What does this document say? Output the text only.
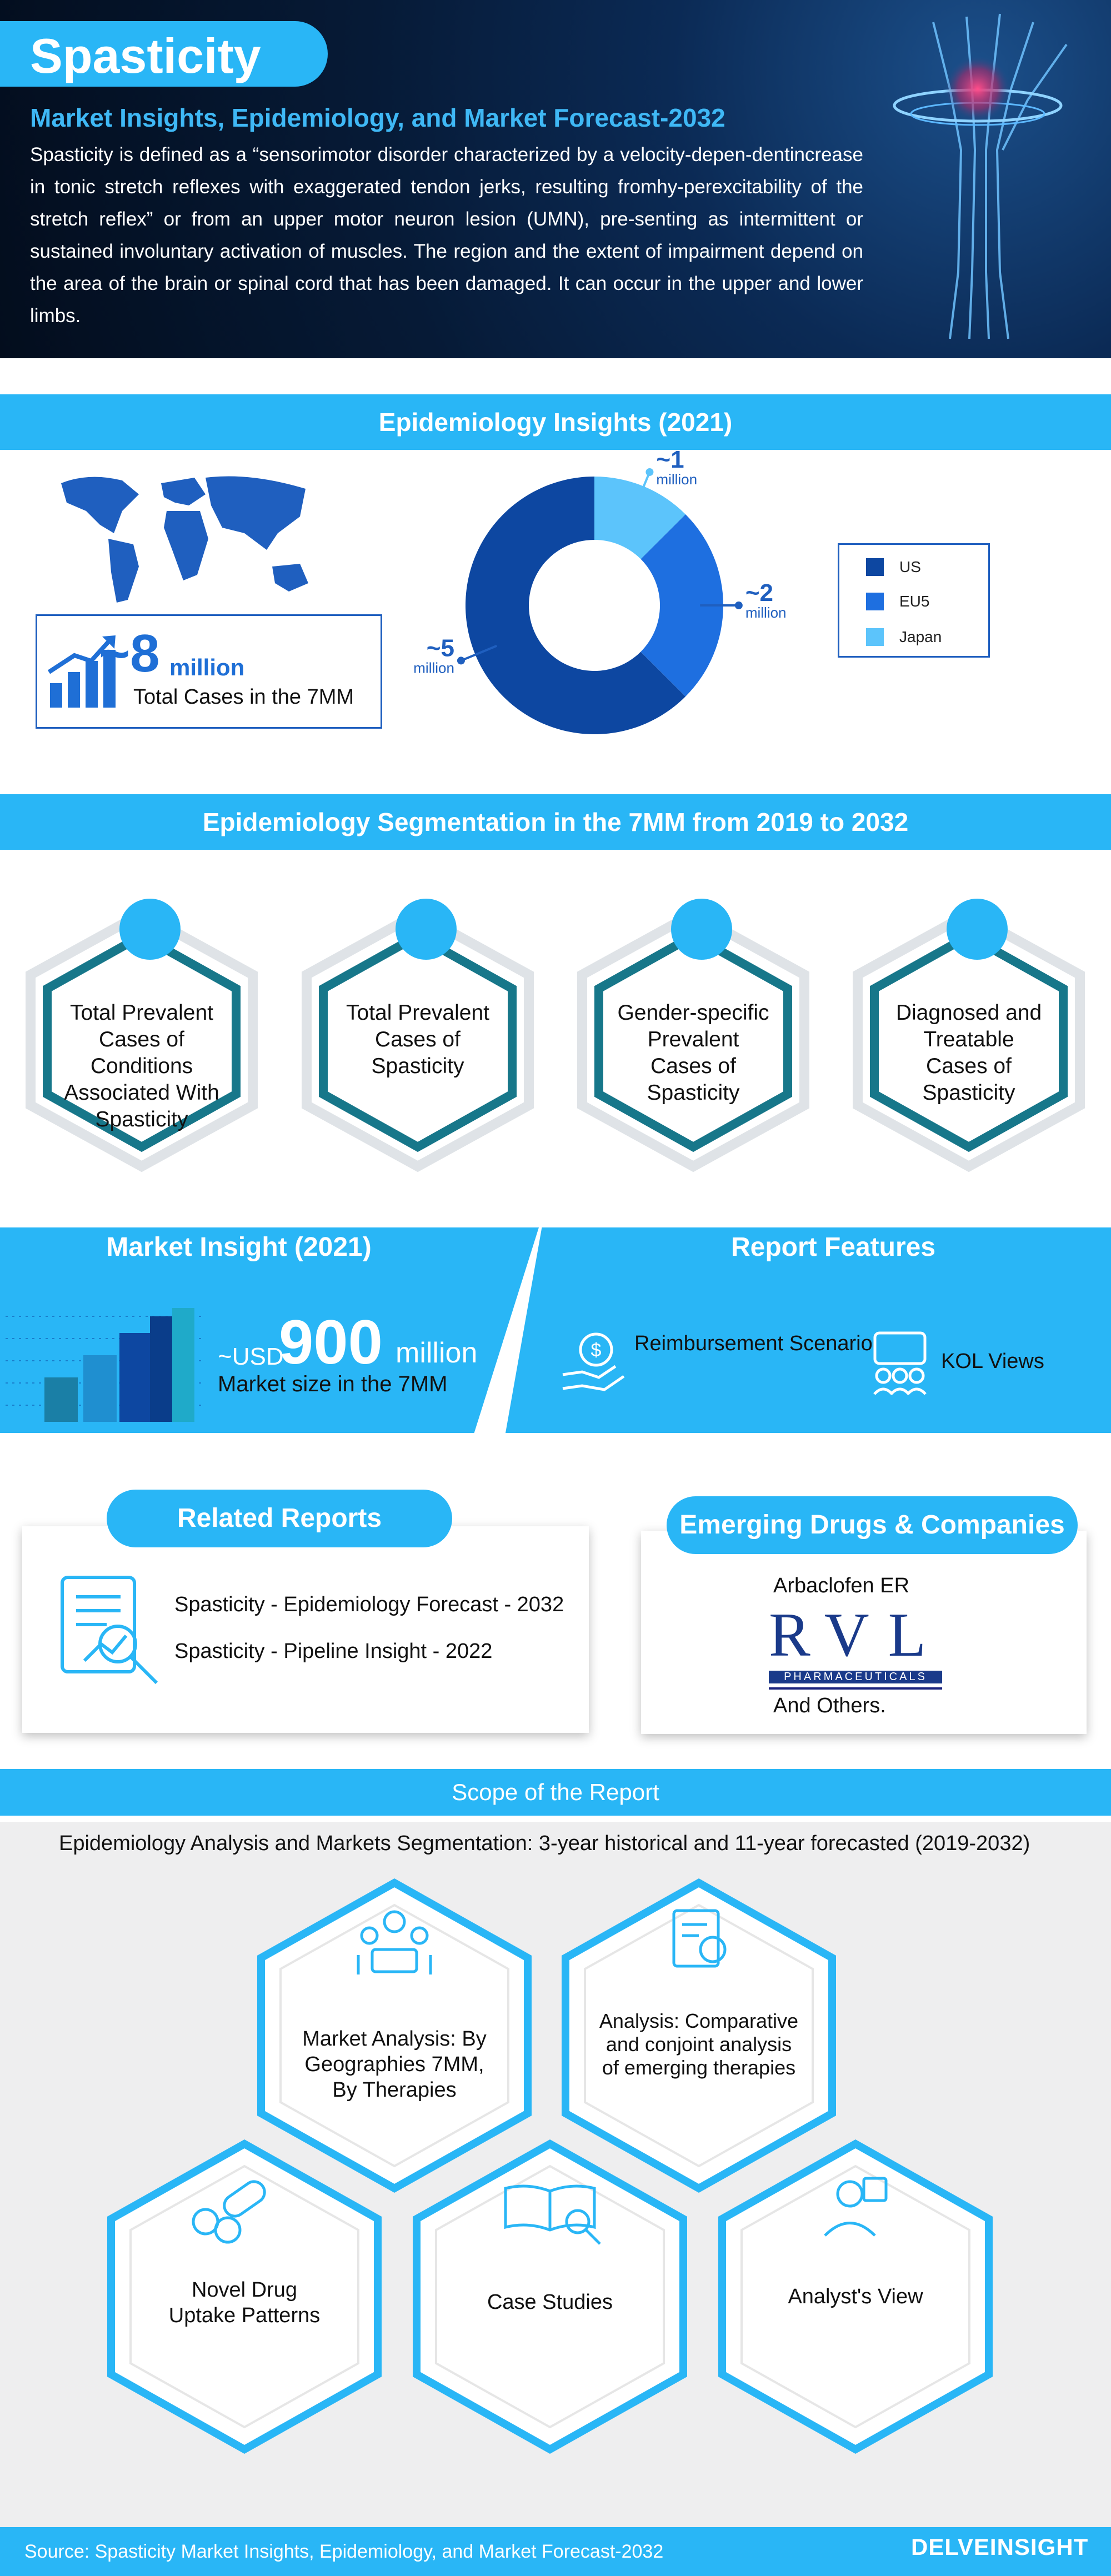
Spasticity
Market Insights, Epidemiology, and Market Forecast-2032
Spasticity is defined as a “sensorimotor disorder characterized by a velocity-depen-dentincrease in tonic stretch reflexes with exaggerated tendon jerks, resulting fromhy-perexcitability of the stretch reflex” or from an upper motor neuron lesion (UMN), pre-senting as intermittent or sustained involuntary activation of muscles. The region and the extent of impairment depend on the area of the brain or spinal cord that has been damaged. It can occur in the upper and lower limbs.
Epidemiology Insights (2021)
~8 million
Total Cases in the 7MM
~5
million
~2
million
~1
million
US
EU5
Japan
Epidemiology Segmentation in the 7MM from 2019 to 2032
Total Prevalent Cases of Conditions Associated With Spasticity
Total Prevalent Cases of Spasticity
Gender-specific Prevalent Cases of Spasticity
Diagnosed and Treatable Cases of Spasticity
Market Insight (2021)	Report Features
~USD
900 million
Market size in the 7MM
$ Reimbursement Scenario
KOL Views
Related Reports
Spasticity - Epidemiology Forecast - 2032
Spasticity - Pipeline Insight - 2022
Emerging Drugs & Companies
Arbaclofen ER
RVL
PHARMACEUTICALS
And Others.
Scope of the Report
Epidemiology Analysis and Markets Segmentation: 3-year historical and 11-year forecasted (2019-2032)
Market Analysis: By Geographies 7MM, By Therapies
Analysis: Comparative and conjoint analysis of emerging therapies
Novel Drug Uptake Patterns
Case Studies	Analyst's View
Source: Spasticity Market Insights, Epidemiology, and Market Forecast-2032	DELVEINSIGHT
